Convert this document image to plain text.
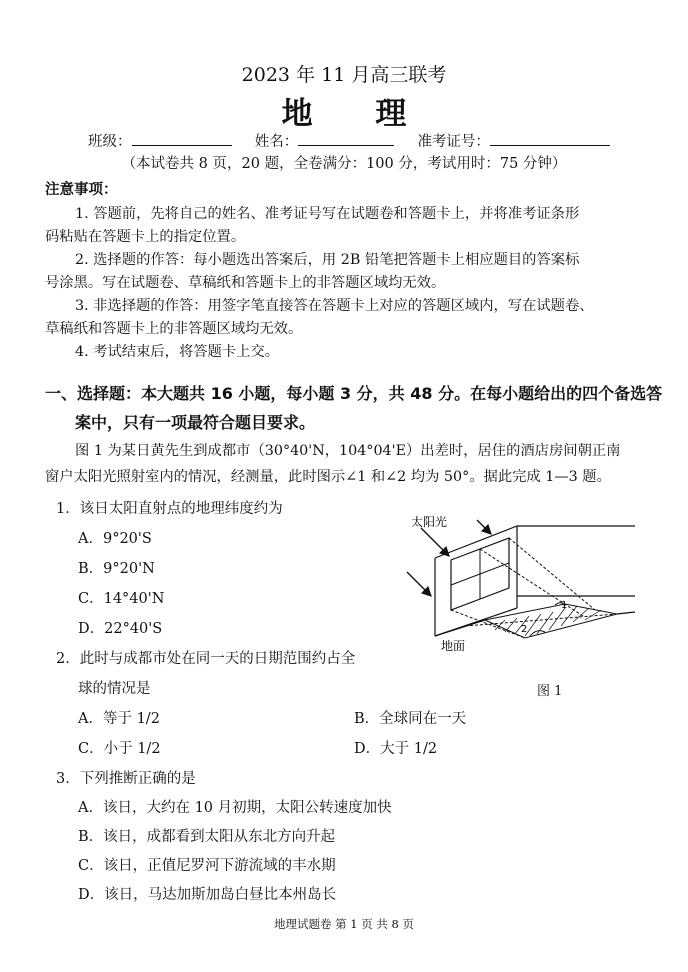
2023 年 11 月高三联考
地 理
班级：	姓名：	准考证号：
（本试卷共 8 页，20 题，全卷满分：100 分，考试用时：75 分钟）
注意事项：
1. 答题前，先将自己的姓名、准考证号写在试题卷和答题卡上，并将准考证条形
码粘贴在答题卡上的指定位置。
2. 选择题的作答：每小题选出答案后，用 2B 铅笔把答题卡上相应题目的答案标
号涂黑。写在试题卷、草稿纸和答题卡上的非答题区域均无效。
3. 非选择题的作答：用签字笔直接答在答题卡上对应的答题区域内，写在试题卷、
草稿纸和答题卡上的非答题区域均无效。
4. 考试结束后，将答题卡上交。
一、选择题：本大题共 16 小题，每小题 3 分，共 48 分。在每小题给出的四个备选答
案中，只有一项最符合题目要求。
图 1 为某日黄先生到成都市（30°40'N，104°04'E）出差时，居住的酒店房间朝正南
窗户太阳光照射室内的情况，经测量，此时图示∠1 和∠2 均为 50°。据此完成 1—3 题。
1．该日太阳直射点的地理纬度约为
A．9°20'S
B．9°20'N
C．14°40'N
D．22°40'S
2．此时与成都市处在同一天的日期范围约占全
球的情况是
A．等于 1/2	B．全球同在一天
C．小于 1/2	D．大于 1/2
3．下列推断正确的是
A．该日，大约在 10 月初期，太阳公转速度加快
B．该日，成都看到太阳从东北方向升起
C．该日，正值尼罗河下游流域的丰水期
D．该日，马达加斯加岛白昼比本州岛长
1
2
太阳光
地面
图 1
地理试题卷 第 1 页 共 8 页
